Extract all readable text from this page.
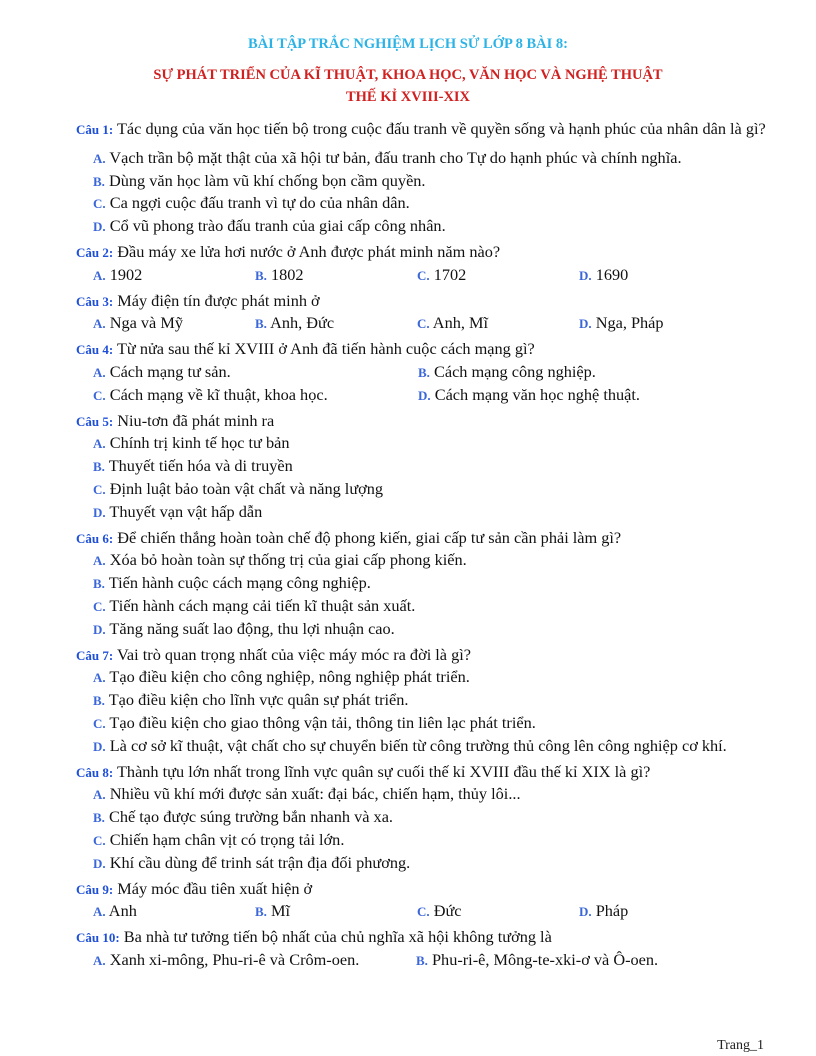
BÀI TẬP TRẮC NGHIỆM LỊCH SỬ LỚP 8 BÀI 8:
SỰ PHÁT TRIỂN CỦA KĨ THUẬT, KHOA HỌC, VĂN HỌC VÀ NGHỆ THUẬT
THẾ KỈ XVIII-XIX
Câu 1: Tác dụng của văn học tiến bộ trong cuộc đấu tranh về quyền sống và hạnh phúc của nhân dân là gì?
A. Vạch trần bộ mặt thật của xã hội tư bản, đấu tranh cho Tự do hạnh phúc và chính nghĩa.
B. Dùng văn học làm vũ khí chống bọn cầm quyền.
C. Ca ngợi cuộc đấu tranh vì tự do của nhân dân.
D. Cổ vũ phong trào đấu tranh của giai cấp công nhân.
Câu 2: Đầu máy xe lửa hơi nước ở Anh được phát minh năm nào?
A. 1902	B. 1802	C. 1702	D. 1690
Câu 3: Máy điện tín được phát minh ở
A. Nga và Mỹ	B. Anh, Đức	C. Anh, Mĩ	D. Nga, Pháp
Câu 4: Từ nửa sau thế kỉ XVIII ở Anh đã tiến hành cuộc cách mạng gì?
A. Cách mạng tư sản.	B. Cách mạng công nghiệp.
C. Cách mạng về kĩ thuật, khoa học.	D. Cách mạng văn học nghệ thuật.
Câu 5: Niu-tơn đã phát minh ra
A. Chính trị kinh tế học tư bản
B. Thuyết tiến hóa và di truyền
C. Định luật bảo toàn vật chất và năng lượng
D. Thuyết vạn vật hấp dẫn
Câu 6: Để chiến thắng hoàn toàn chế độ phong kiến, giai cấp tư sản cần phải làm gì?
A. Xóa bỏ hoàn toàn sự thống trị của giai cấp phong kiến.
B. Tiến hành cuộc cách mạng công nghiệp.
C. Tiến hành cách mạng cải tiến kĩ thuật sản xuất.
D. Tăng năng suất lao động, thu lợi nhuận cao.
Câu 7: Vai trò quan trọng nhất của việc máy móc ra đời là gì?
A. Tạo điều kiện cho công nghiệp, nông nghiệp phát triển.
B. Tạo điều kiện cho lĩnh vực quân sự phát triển.
C. Tạo điều kiện cho giao thông vận tải, thông tin liên lạc phát triển.
D. Là cơ sở kĩ thuật, vật chất cho sự chuyển biến từ công trường thủ công lên công nghiệp cơ khí.
Câu 8: Thành tựu lớn nhất trong lĩnh vực quân sự cuối thế kỉ XVIII đầu thế kỉ XIX là gì?
A. Nhiều vũ khí mới được sản xuất: đại bác, chiến hạm, thủy lôi...
B. Chế tạo được súng trường bắn nhanh và xa.
C. Chiến hạm chân vịt có trọng tải lớn.
D. Khí cầu dùng để trinh sát trận địa đối phương.
Câu 9: Máy móc đầu tiên xuất hiện ở
A. Anh	B. Mĩ	C. Đức	D. Pháp
Câu 10: Ba nhà tư tưởng tiến bộ nhất của chủ nghĩa xã hội không tưởng là
A. Xanh xi-mông, Phu-ri-ê và Crôm-oen.	B. Phu-ri-ê, Mông-te-xki-ơ và Ô-oen.
Trang_1
